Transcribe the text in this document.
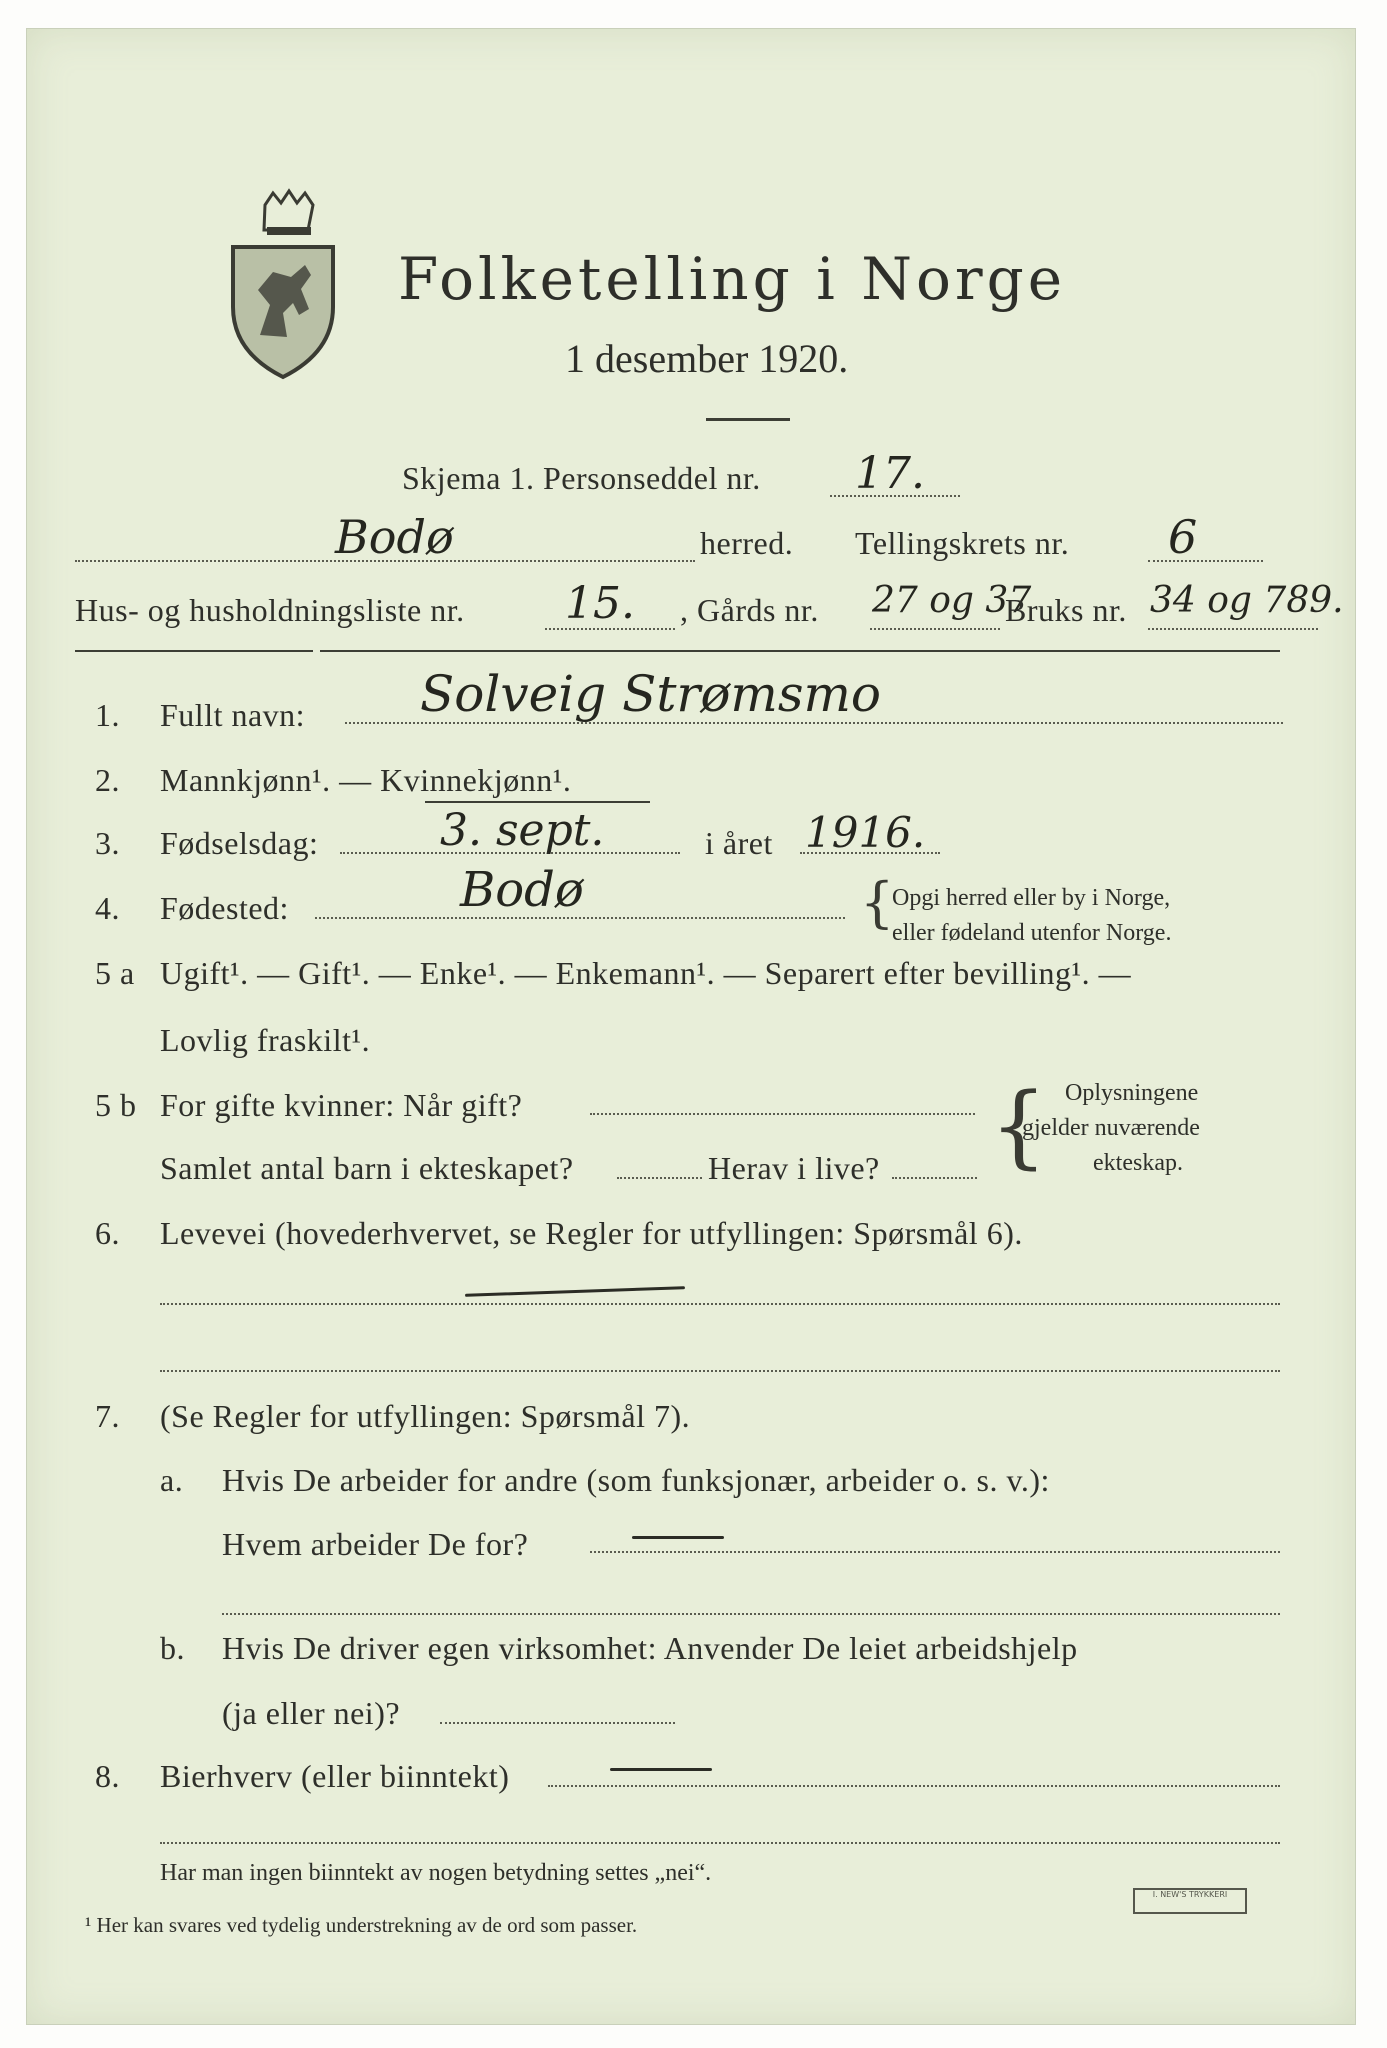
Folketelling i Norge
1 desember 1920.
Skjema 1. Personseddel nr. 17.
Bodø	herred. Tellingskrets nr. 6
Hus- og husholdningsliste nr. 15. , Gårds nr. 27 og 37
Bruks nr. 34 og 789.
1. Fullt navn: Solveig Strømsmo
2. Mannkjønn¹. — Kvinnekjønn¹.
3. Fødselsdag:	3. sept.	i året 1916.
4. Fødested:	Bodø	{
Opgi herred eller by i Norge,
eller fødeland utenfor Norge.
5 a Ugift¹. — Gift¹. — Enke¹. — Enkemann¹. — Separert efter bevilling¹. —
Lovlig fraskilt¹.
5 b For gifte kvinner: Når gift?
Samlet antal barn i ekteskapet?	Herav i live? { Oplysningene
gjelder nuværende
ekteskap.
6. Levevei (hovederhvervet, se Regler for utfyllingen: Spørsmål 6).
7. (Se Regler for utfyllingen: Spørsmål 7).
a. Hvis De arbeider for andre (som funksjonær, arbeider o. s. v.):
Hvem arbeider De for?
b. Hvis De driver egen virksomhet: Anvender De leiet arbeidshjelp
(ja eller nei)?
8. Bierhverv (eller biinntekt)
Har man ingen biinntekt av nogen betydning settes „nei“.
¹ Her kan svares ved tydelig understrekning av de ord som passer.
I. NEW'S TRYKKERI
